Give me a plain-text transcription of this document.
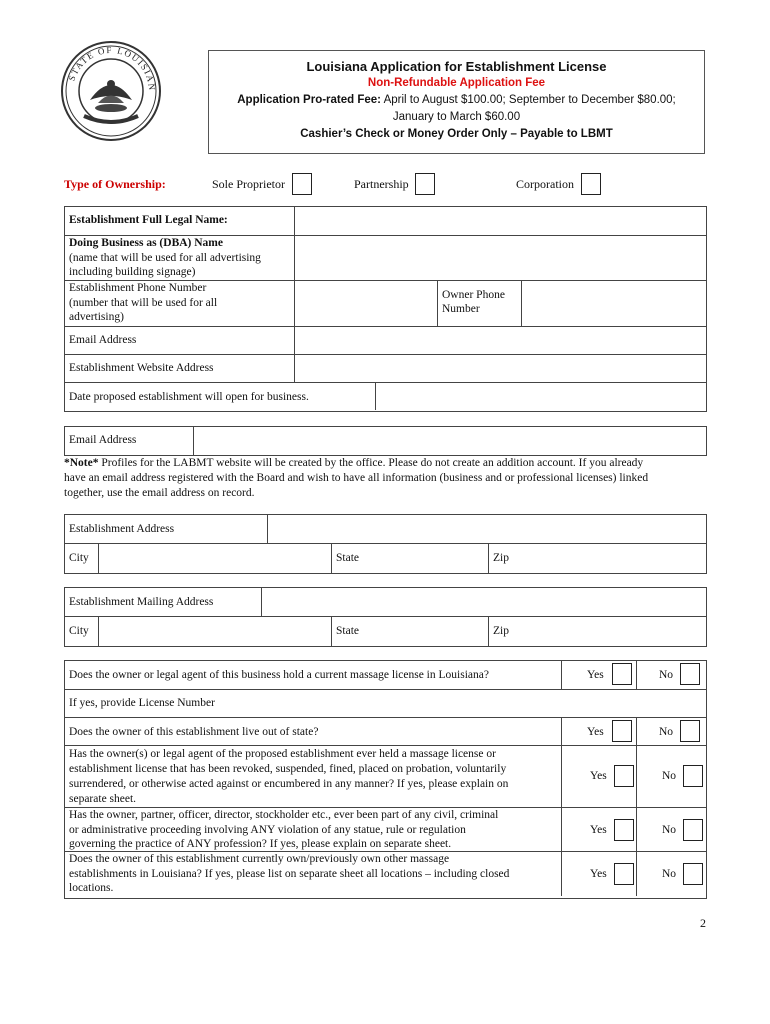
STATE OF LOUISIAN
Louisiana Application for Establishment License
Non-Refundable Application Fee
Application Pro-rated Fee: April to August $100.00; September to December $80.00;
January to March $60.00
Cashier’s Check or Money Order Only – Payable to LBMT
Type of Ownership:	Sole Proprietor	Partnership	Corporation
Establishment Full Legal Name:
Doing Business as (DBA) Name
(name that will be used for all advertising
including building signage)
Establishment Phone Number
(number that will be used for all
advertising)
Owner Phone
Number
Email Address
Establishment Website Address
Date proposed establishment will open for business.
Email Address
*Note* Profiles for the LABMT website will be created by the office. Please do not create an addition account. If you already
have an email address registered with the Board and wish to have all information (business and or professional licenses) linked
together, use the email address on record.
Establishment Address
City	State	Zip
Establishment Mailing Address
City	State	Zip
Does the owner or legal agent of this business hold a current massage license in Louisiana?	Yes	No
If yes, provide License Number
Does the owner of this establishment live out of state?	Yes	No
Has the owner(s) or legal agent of the proposed establishment ever held a massage license or
establishment license that has been revoked, suspended, fined, placed on probation, voluntarily
surrendered, or otherwise acted against or encumbered in any manner? If yes, please explain on
separate sheet.
Yes	No
Has the owner, partner, officer, director, stockholder etc., ever been part of any civil, criminal
or administrative proceeding involving ANY violation of any statue, rule or regulation
governing the practice of ANY profession? If yes, please explain on separate sheet.
Yes	No
Does the owner of this establishment currently own/previously own other massage
establishments in Louisiana? If yes, please list on separate sheet all locations – including closed
locations.
Yes	No
2
